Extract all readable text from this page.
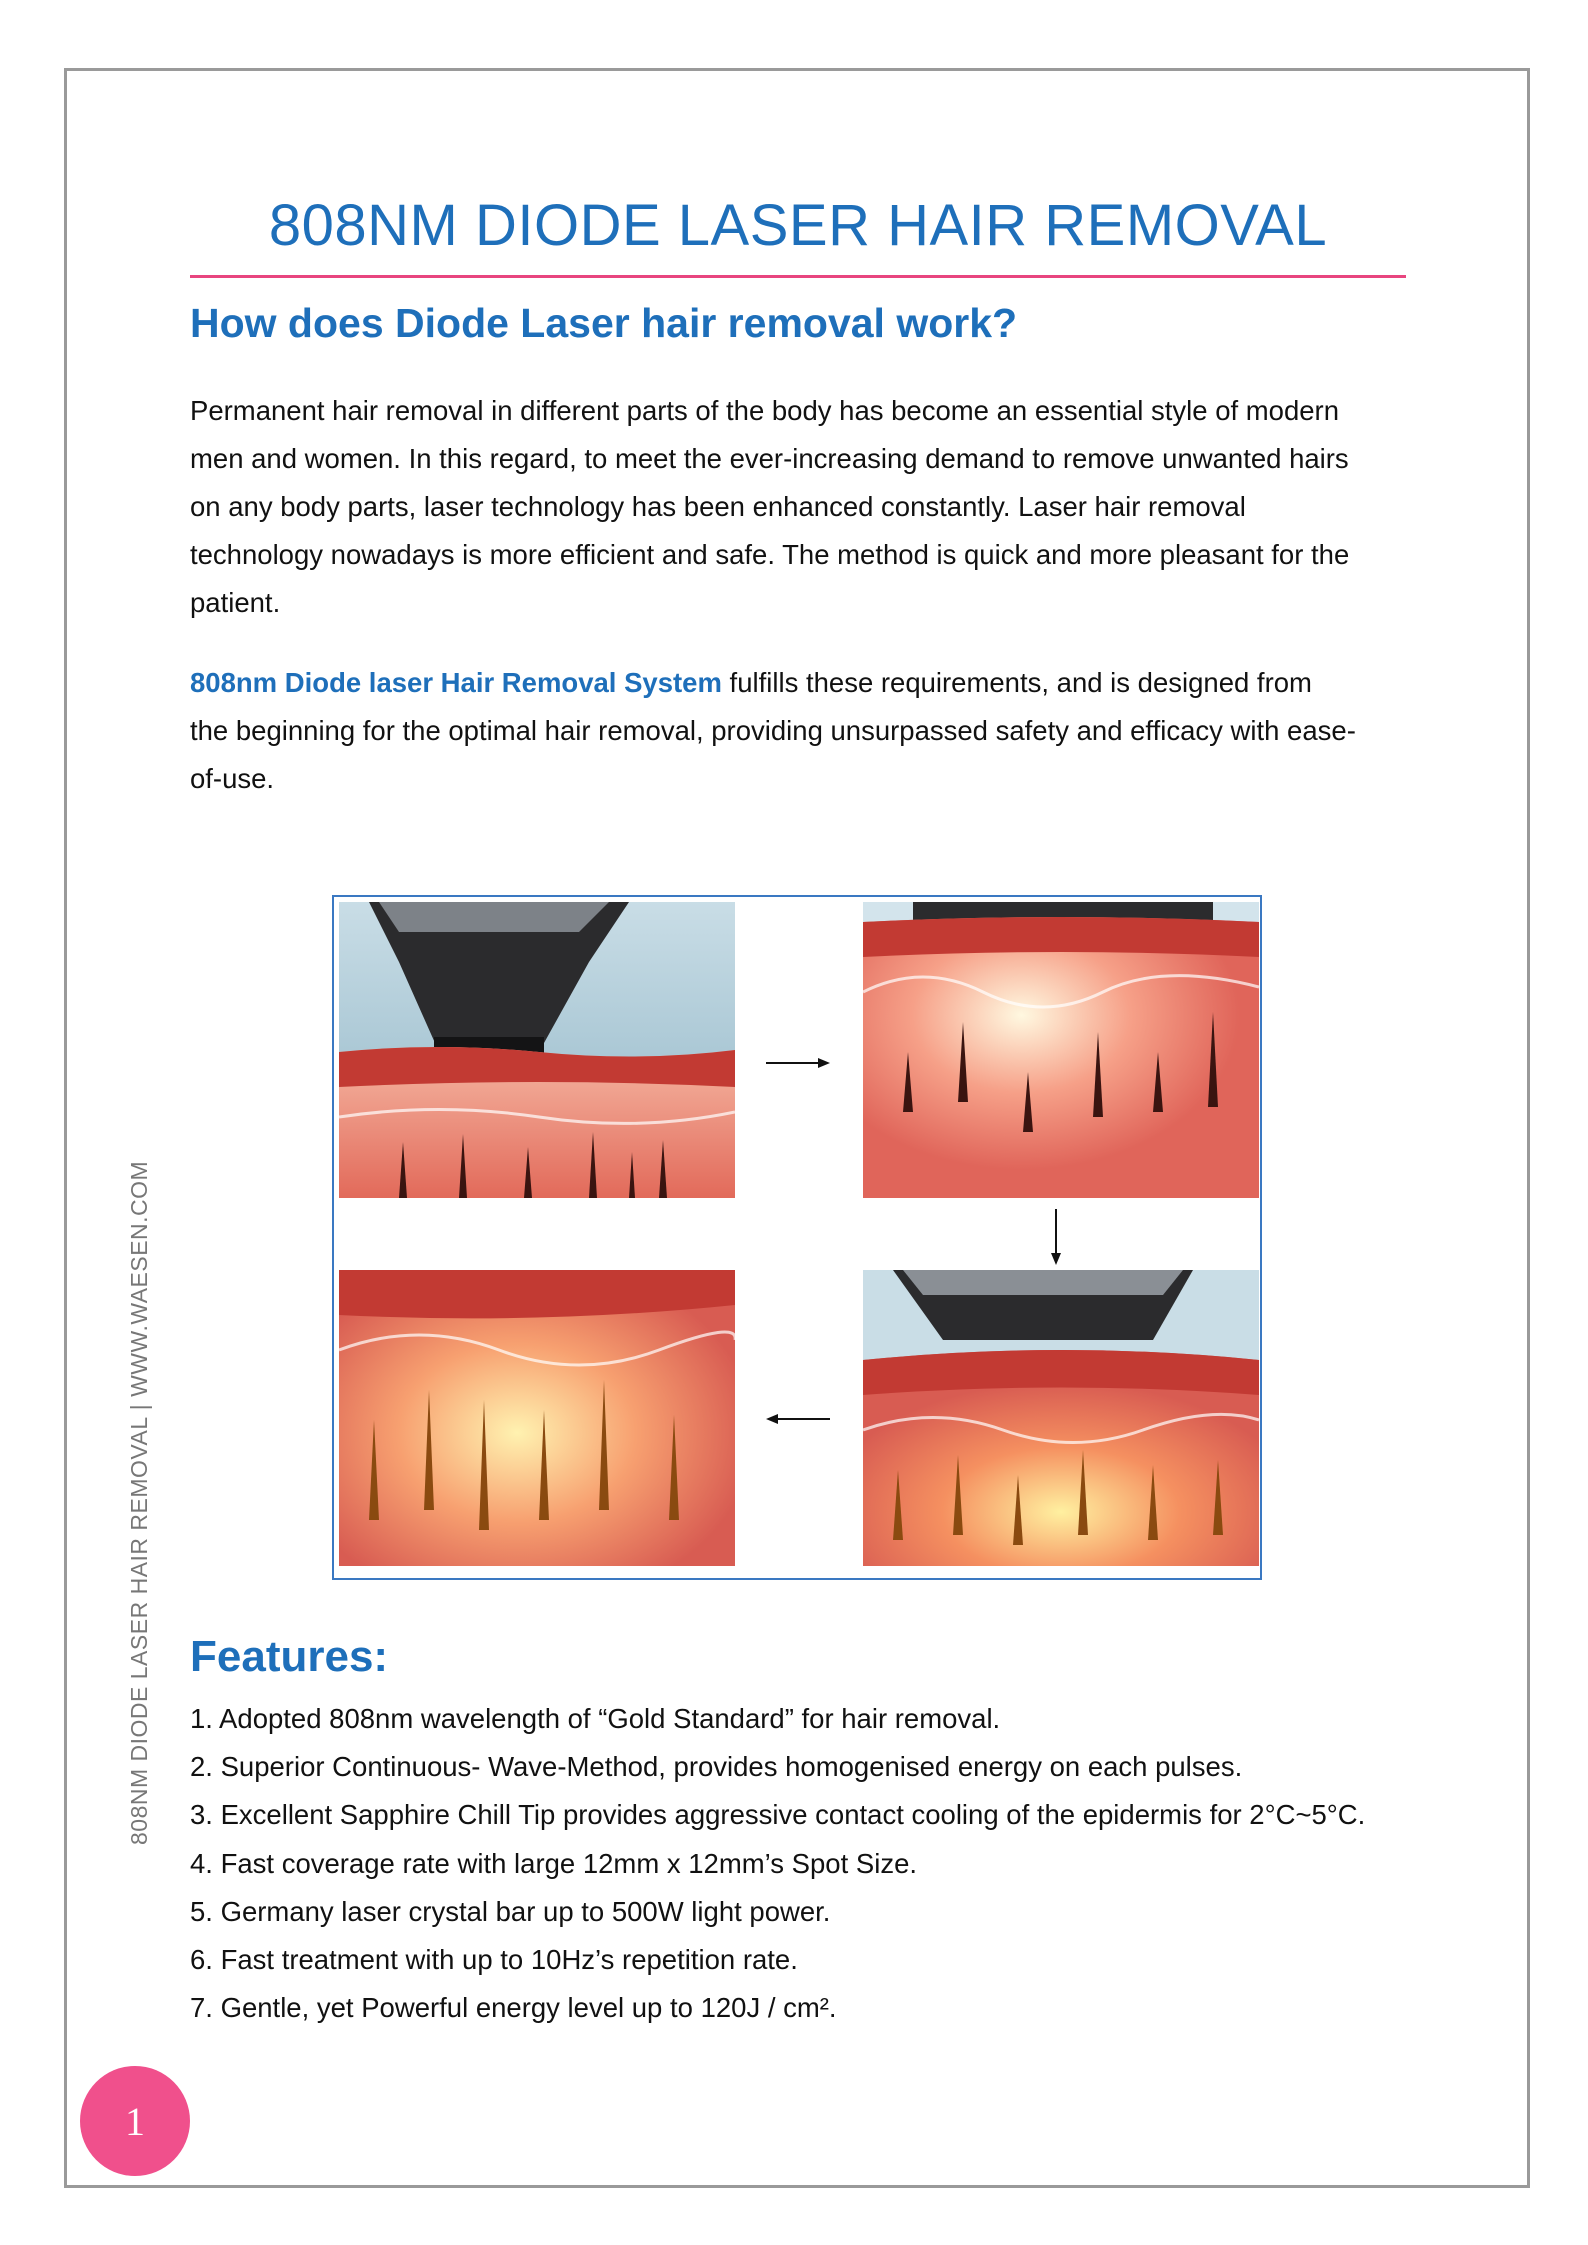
808NM DIODE LASER HAIR REMOVAL
How does Diode Laser hair removal work?
Permanent hair removal in different parts of the body has become an essential style of modern
men and women. In this regard, to meet the ever-increasing demand to remove unwanted hairs
on any body parts, laser technology has been enhanced constantly. Laser hair removal
technology nowadays is more efficient and safe. The method is quick and more pleasant for the
patient.
808nm Diode laser Hair Removal System fulfills these requirements, and is designed from
the beginning for the optimal hair removal, providing unsurpassed safety and efficacy with ease-
of-use.
Features:
1. Adopted 808nm wavelength of “Gold Standard” for hair removal.
2. Superior Continuous- Wave-Method, provides homogenised energy on each pulses.
3. Excellent Sapphire Chill Tip provides aggressive contact cooling of the epidermis for 2°C~5°C.
4. Fast coverage rate with large 12mm x 12mm’s Spot Size.
5. Germany laser crystal bar up to 500W light power.
6. Fast treatment with up to 10Hz’s repetition rate.
7. Gentle, yet Powerful energy level up to 120J / cm².
808NM DIODE LASER HAIR REMOVAL | WWW.WAESEN.COM
1
